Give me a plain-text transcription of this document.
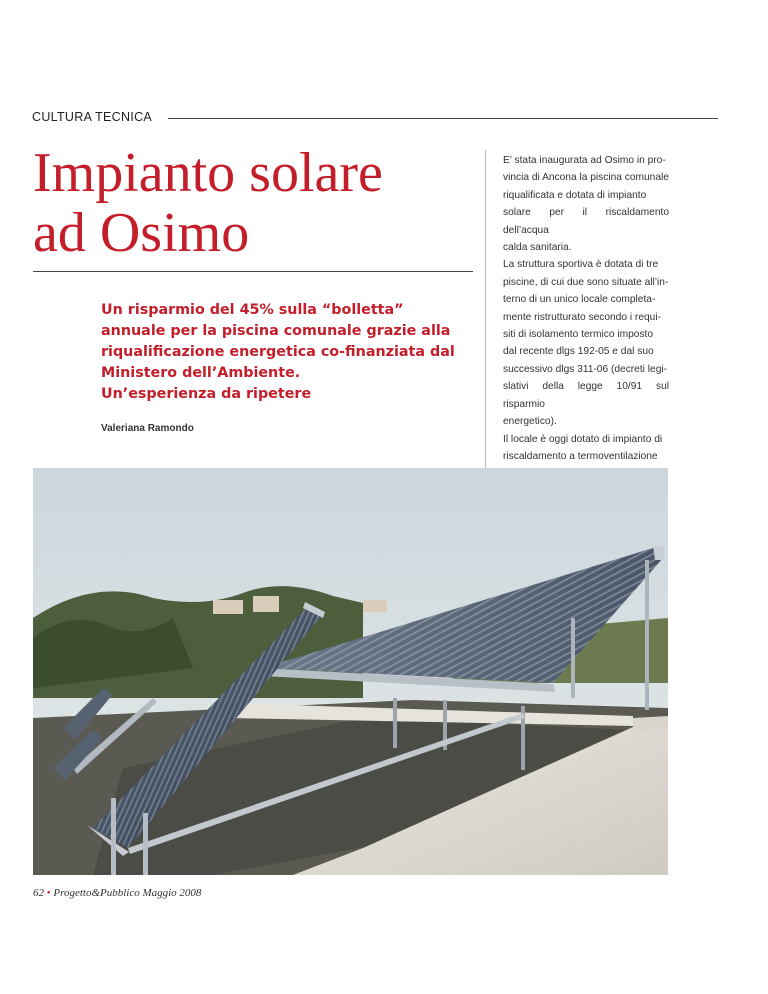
CULTURA TECNICA
Impianto solare
ad Osimo

Un risparmio del 45% sulla “bolletta”
annuale per la piscina comunale grazie alla
riqualificazione energetica co-finanziata dal
Ministero dell’Ambiente.
Un’esperienza da ripetere

Valeriana Ramondo

E’ stata inaugurata ad Osimo in pro-

vincia di Ancona la piscina comunale

riqualificata e dotata di impianto

solare per il riscaldamento dell’acqua

calda sanitaria.

La struttura sportiva è dotata di tre

piscine, di cui due sono situate all’in-

terno di un unico locale completa-

mente ristrutturato secondo i requi-

siti di isolamento termico imposto

dal recente dlgs 192-05 e dal suo

successivo dlgs 311-06 (decreti legi-

slativi della legge 10/91 sul risparmio

energetico).

Il locale è oggi dotato di impianto di

riscaldamento a termoventilazione

62 • Progetto&Pubblico Maggio 2008
